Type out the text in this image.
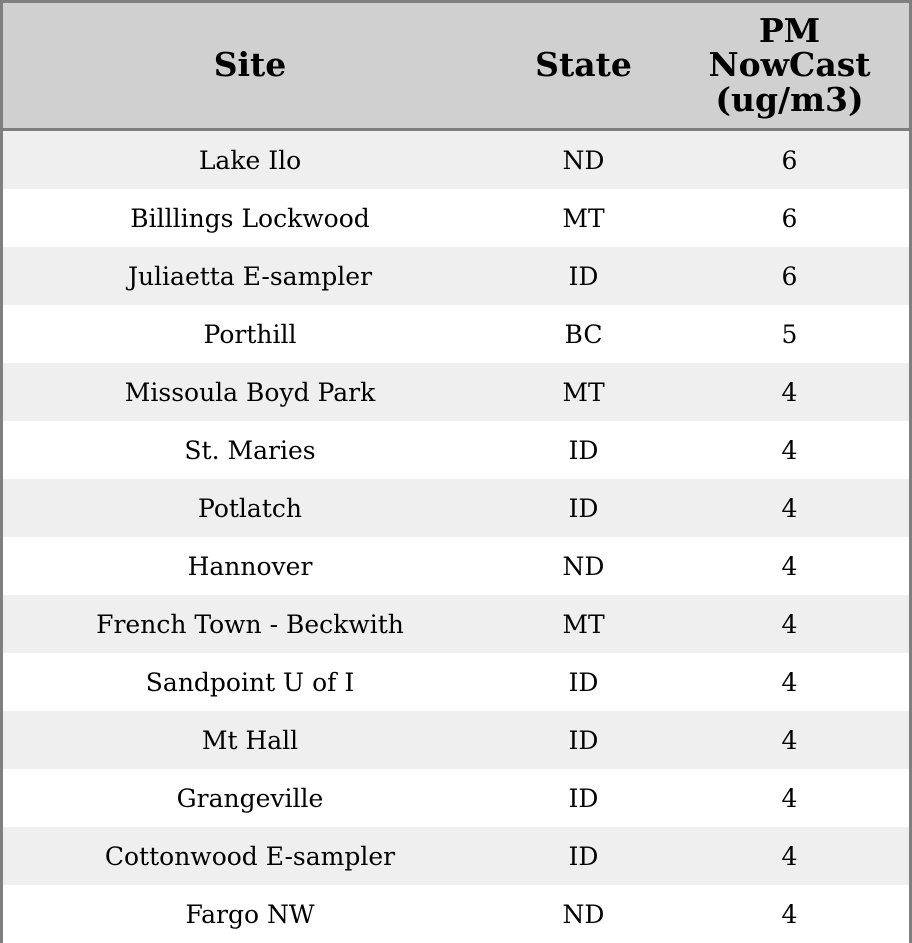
Site	State	PM
NowCast
(ug/m3)

Lake Ilo	ND	6
Billlings Lockwood	MT	6
Juliaetta E-sampler	ID	6
Porthill	BC	5
Missoula Boyd Park	MT	4
St. Maries	ID	4
Potlatch	ID	4
Hannover	ND	4
French Town - Beckwith	MT	4
Sandpoint U of I	ID	4
Mt Hall	ID	4
Grangeville	ID	4
Cottonwood E-sampler	ID	4
Fargo NW	ND	4
